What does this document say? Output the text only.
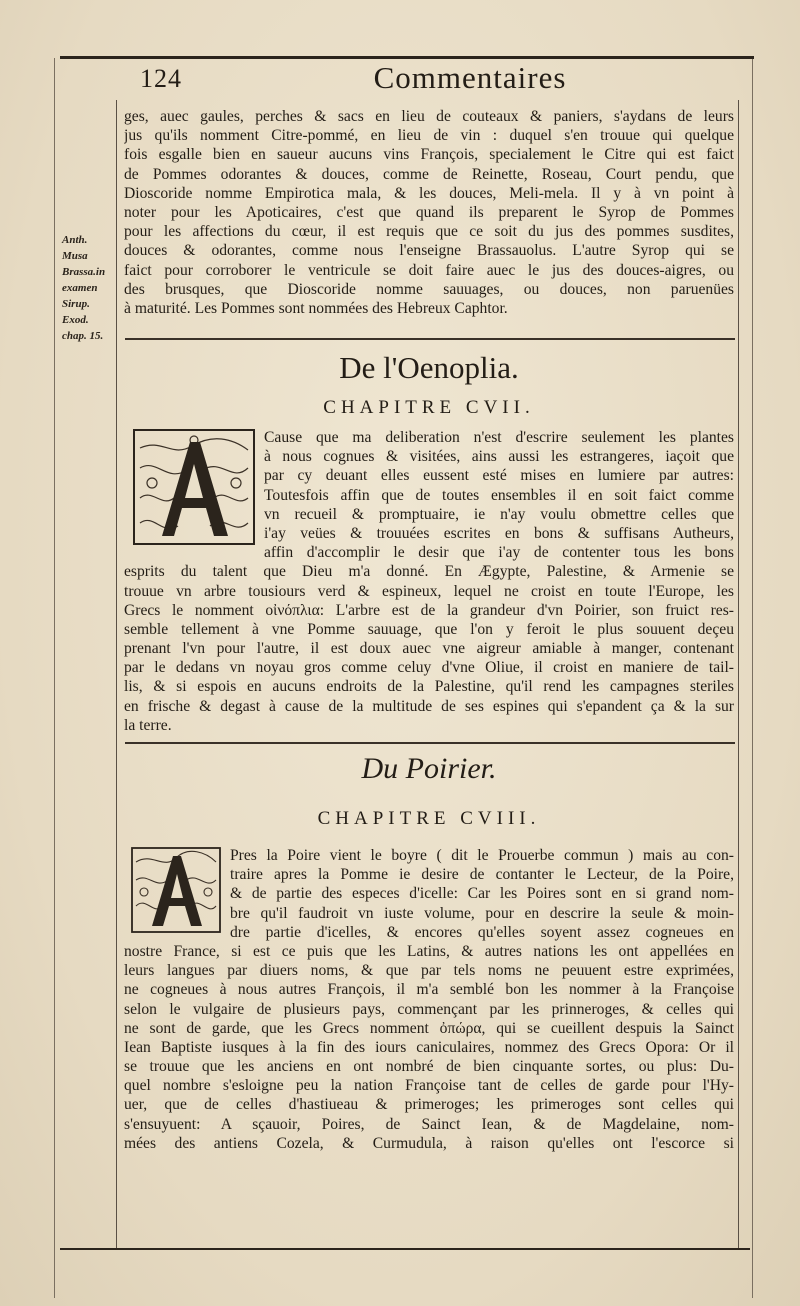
124	Commentaires
Anth.
Musa
Brassa.in
examen
Sirup.
Exod.
chap. 15.
ges, auec gaules, perches & sacs en lieu de couteaux & paniers, s'aydans de leurs
jus qu'ils nomment Citre-pommé, en lieu de vin : duquel s'en trouue qui quelque
fois esgalle bien en saueur aucuns vins François, specialement le Citre qui est faict
de Pommes odorantes & douces, comme de Reinette, Roseau, Court pendu, que
Dioscoride nomme Empirotica mala, & les douces, Meli-mela. Il y à vn point à
noter pour les Apoticaires, c'est que quand ils preparent le Syrop de Pommes
pour les affections du cœur, il est requis que ce soit du jus des pommes susdites,
douces & odorantes, comme nous l'enseigne Brassauolus. L'autre Syrop qui se
faict pour corroborer le ventricule se doit faire auec le jus des douces-aigres, ou
des brusques, que Dioscoride nomme sauuages, ou douces, non paruenües
à maturité. Les Pommes sont nommées des Hebreux Caphtor.
De l'Oenoplia.
CHAPITRE CVII.
Cause que ma deliberation n'est d'escrire seulement les plantes
à nous cognues & visitées, ains aussi les estrangeres, iaçoit que
par cy deuant elles eussent esté mises en lumiere par autres:
Toutesfois affin que de toutes ensembles il en soit faict comme
vn recueil & promptuaire, ie n'ay voulu obmettre celles que
i'ay veües & trouuées escrites en bons & suffisans Autheurs,
affin d'accomplir le desir que i'ay de contenter tous les bons
esprits du talent que Dieu m'a donné. En Ægypte, Palestine, & Armenie se
trouue vn arbre tousiours verd & espineux, lequel ne croist en toute l'Europe, les
Grecs le nomment οἰνόπλια: L'arbre est de la grandeur d'vn Poirier, son fruict res-
semble tellement à vne Pomme sauuage, que l'on y feroit le plus souuent deçeu
prenant l'vn pour l'autre, il est doux auec vne aigreur amiable à manger, contenant
par le dedans vn noyau gros comme celuy d'vne Oliue, il croist en maniere de tail-
lis, & si espois en aucuns endroits de la Palestine, qu'il rend les campagnes steriles
en frische & degast à cause de la multitude de ses espines qui s'epandent ça & la sur
la terre.
Du Poirier.
CHAPITRE CVIII.
Pres la Poire vient le boyre ( dit le Prouerbe commun ) mais au con-
traire apres la Pomme ie desire de contanter le Lecteur, de la Poire,
& de partie des especes d'icelle: Car les Poires sont en si grand nom-
bre qu'il faudroit vn iuste volume, pour en descrire la seule & moin-
dre partie d'icelles, & encores qu'elles soyent assez cogneues en
nostre France, si est ce puis que les Latins, & autres nations les ont appellées en
leurs langues par diuers noms, & que par tels noms ne peuuent estre exprimées,
ne cogneues à nous autres François, il m'a semblé bon les nommer à la Françoise
selon le vulgaire de plusieurs pays, commençant par les prinneroges, & celles qui
ne sont de garde, que les Grecs nomment ὀπώρα, qui se cueillent despuis la Sainct
Iean Baptiste iusques à la fin des iours caniculaires, nommez des Grecs Opora: Or il
se trouue que les anciens en ont nombré de bien cinquante sortes, ou plus: Du-
quel nombre s'esloigne peu la nation Françoise tant de celles de garde pour l'Hy-
uer, que de celles d'hastiueau & primeroges; les primeroges sont celles qui
s'ensuyuent: A sçauoir, Poires, de Sainct Iean, & de Magdelaine, nom-
mées des antiens Cozela, & Curmudula, à raison qu'elles ont l'escorce si
